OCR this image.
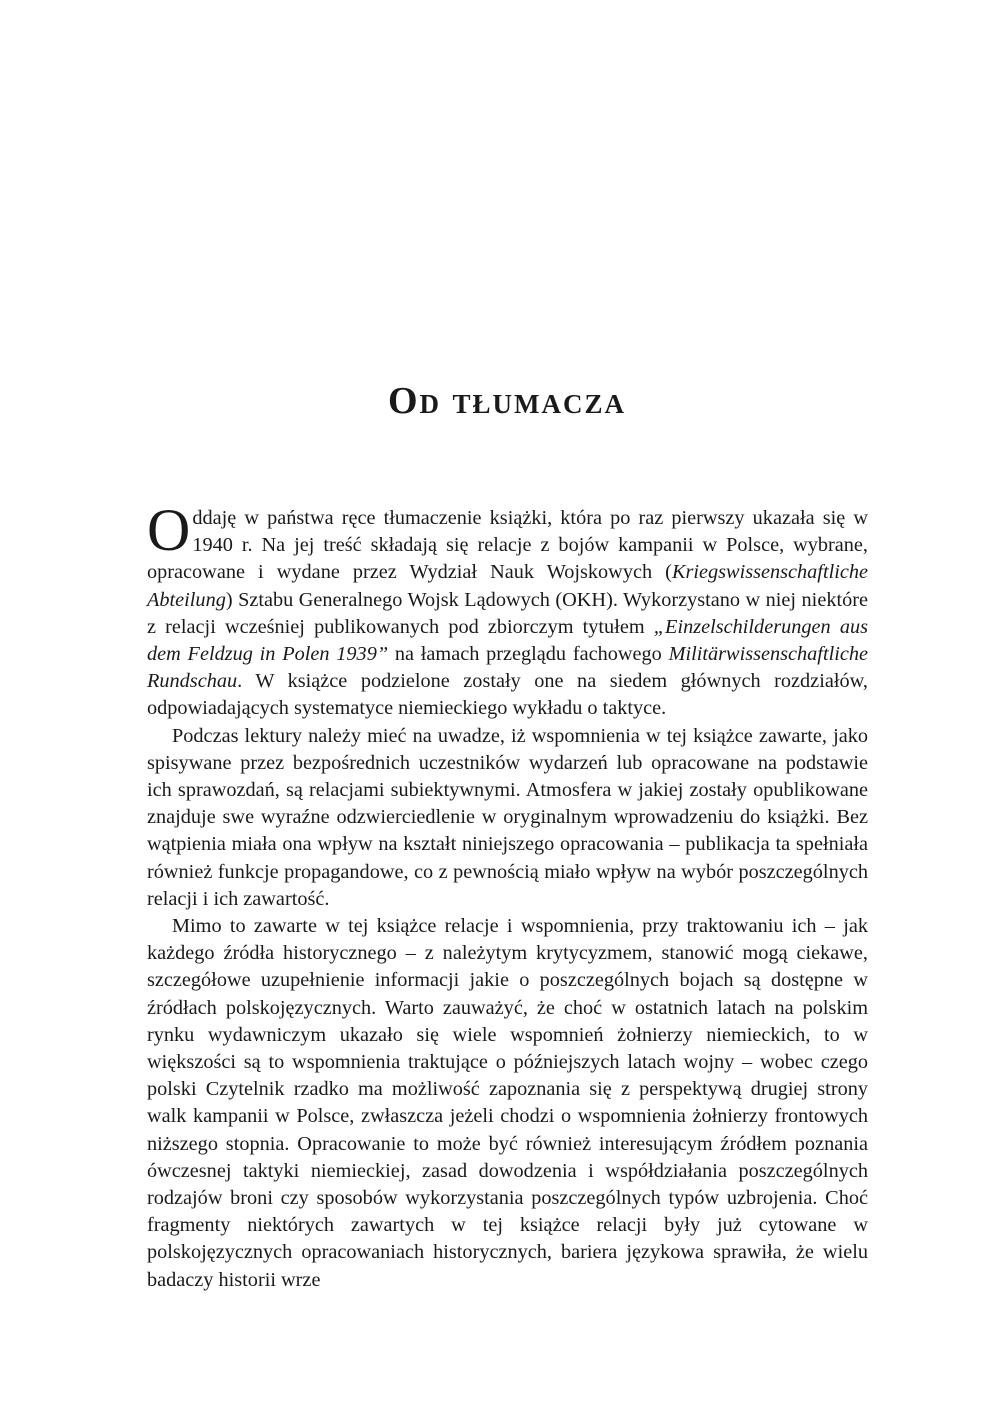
Od tłumacza

Oddaję w państwa ręce tłumaczenie książki, która po raz pierwszy ukazała się w 1940 r. Na jej treść składają się relacje z bojów kampanii w Polsce, wybrane, opracowane i wydane przez Wydział Nauk Wojskowych (Kriegswissenschaftliche Abteilung) Sztabu Generalnego Wojsk Lądowych (OKH). Wykorzystano w niej niektóre z relacji wcześniej publikowanych pod zbiorczym tytułem „Einzelschilderungen aus dem Feldzug in Polen 1939” na łamach przeglądu fachowego Militärwissenschaftliche Rundschau. W książce podzielone zostały one na siedem głównych rozdziałów, odpowiadających systematyce niemieckiego wykładu o taktyce.

Podczas lektury należy mieć na uwadze, iż wspomnienia w tej książce zawarte, jako spisywane przez bezpośrednich uczestników wydarzeń lub opracowane na podstawie ich sprawozdań, są relacjami subiektywnymi. Atmosfera w jakiej zostały opublikowane znajduje swe wyraźne odzwierciedlenie w oryginalnym wprowadzeniu do książki. Bez wątpienia miała ona wpływ na kształt niniejszego opracowania – publikacja ta spełniała również funkcje propagandowe, co z pewnością miało wpływ na wybór poszczególnych relacji i ich zawartość.

Mimo to zawarte w tej książce relacje i wspomnienia, przy traktowaniu ich – jak każdego źródła historycznego – z należytym krytycyzmem, stanowić mogą ciekawe, szczegółowe uzupełnienie informacji jakie o poszczególnych bojach są dostępne w źródłach polskojęzycznych. Warto zauważyć, że choć w ostatnich latach na polskim rynku wydawniczym ukazało się wiele wspomnień żołnierzy niemieckich, to w większości są to wspomnienia traktujące o późniejszych latach wojny – wobec czego polski Czytelnik rzadko ma możliwość zapoznania się z perspektywą drugiej strony walk kampanii w Polsce, zwłaszcza jeżeli chodzi o wspomnienia żołnierzy frontowych niższego stopnia. Opracowanie to może być również interesującym źródłem poznania ówczesnej taktyki niemieckiej, zasad dowodzenia i współdziałania poszczególnych rodzajów broni czy sposobów wykorzystania poszczególnych typów uzbrojenia. Choć fragmenty niektórych zawartych w tej książce relacji były już cytowane w polskojęzycznych opracowaniach historycznych, bariera językowa sprawiła, że wielu badaczy historii wrze
